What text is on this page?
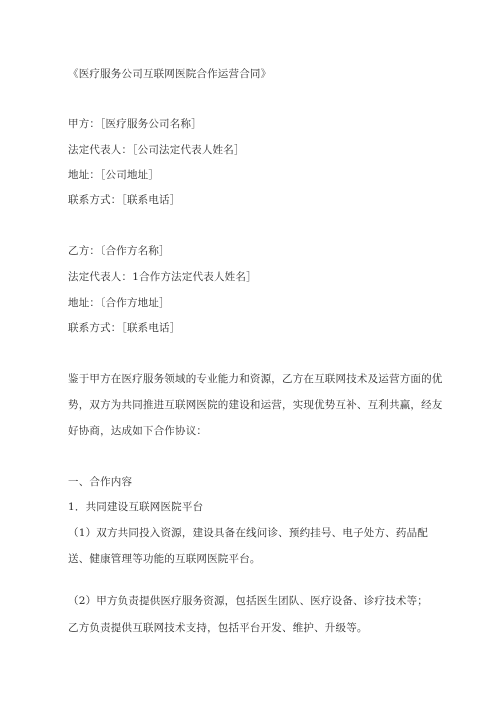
《医疗服务公司互联网医院合作运营合同》
甲方：［医疗服务公司名称］
法定代表人：［公司法定代表人姓名］
地址：［公司地址］
联系方式：［联系电话］
乙方：〔合作方名称］
法定代表人：1合作方法定代表人姓名］
地址：〔合作方地址］
联系方式：［联系电话］
鉴于甲方在医疗服务领域的专业能力和资源，乙方在互联网技术及运营方面的优
势，双方为共同推进互联网医院的建设和运营，实现优势互补、互利共赢，经友
好协商，达成如下合作协议：
一、合作内容
1．共同建设互联网医院平台
（1）双方共同投入资源，建设具备在线问诊、预约挂号、电子处方、药品配
送、健康管理等功能的互联网医院平台。
（2）甲方负责提供医疗服务资源，包括医生团队、医疗设备、诊疗技术等；
乙方负责提供互联网技术支持，包括平台开发、维护、升级等。
